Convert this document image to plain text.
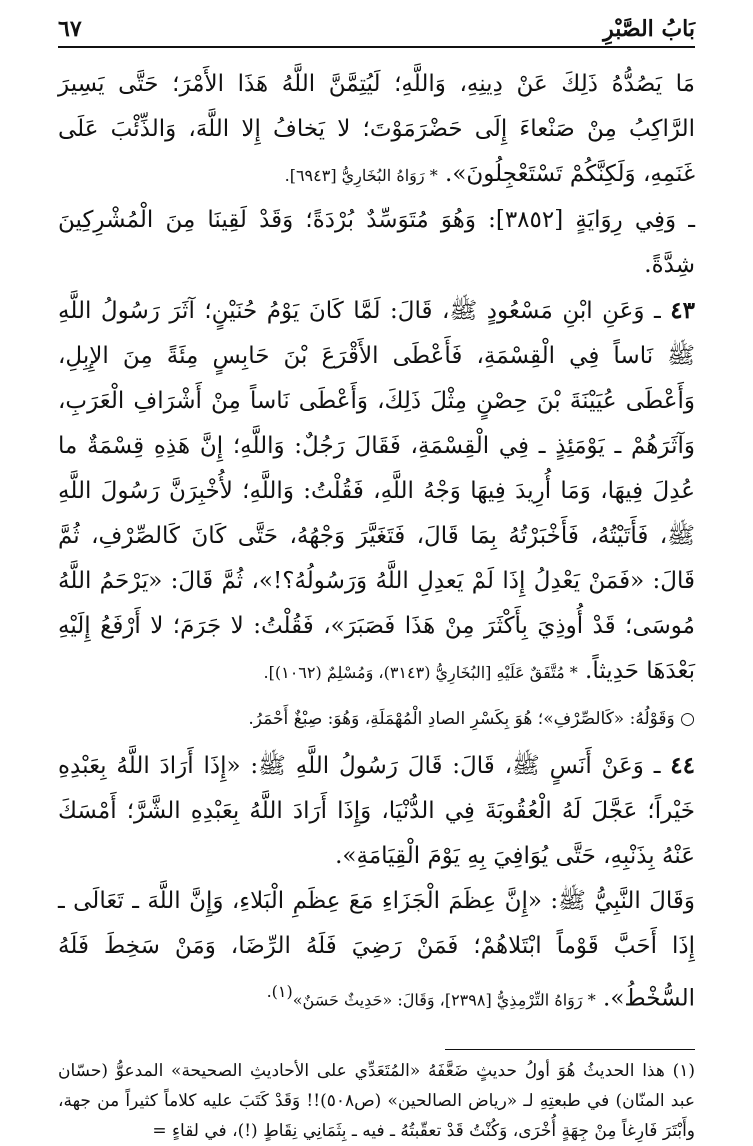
بَابُ الصَّبْرِ
٦٧

مَا يَصُدُّهُ ذَلِكَ عَنْ دِينِهِ، وَاللَّهِ؛ لَيُتِمَّنَّ اللَّهُ هَذَا الأَمْرَ؛ حَتَّى يَسِيرَ الرَّاكِبُ مِنْ صَنْعاءَ إِلَى حَضْرَمَوْتَ؛ لا يَخافُ إِلا اللَّهَ، وَالذِّئْبَ عَلَى غَنَمِهِ، وَلَكِنَّكُمْ تَسْتَعْجِلُونَ». * رَوَاهُ البُخَارِيُّ [٦٩٤٣].

ـ وَفِي رِوَايَةٍ [٣٨٥٢]: وَهُوَ مُتَوَسِّدٌ بُرْدَةً؛ وَقَدْ لَقِينَا مِنَ الْمُشْرِكِينَ شِدَّةً.

٤٣ ـ وَعَنِ ابْنِ مَسْعُودٍ ﷺ، قَالَ: لَمَّا كَانَ يَوْمُ حُنَيْنٍ؛ آثَرَ رَسُولُ اللَّهِ ﷺ نَاساً فِي الْقِسْمَةِ، فَأَعْطَى الأَقْرَعَ بْنَ حَابِسٍ مِئَةً مِنَ الإِبِلِ، وَأَعْطَى عُيَيْنَةَ بْنَ حِصْنٍ مِثْلَ ذَلِكَ، وَأَعْطَى نَاساً مِنْ أَشْرَافِ الْعَرَبِ، وَآثَرَهُمْ ـ يَوْمَئِذٍ ـ فِي الْقِسْمَةِ، فَقَالَ رَجُلٌ: وَاللَّهِ؛ إِنَّ هَذِهِ قِسْمَةٌ ما عُدِلَ فِيهَا، وَمَا أُرِيدَ فِيهَا وَجْهُ اللَّهِ، فَقُلْتُ: وَاللَّهِ؛ لأُخْبِرَنَّ رَسُولَ اللَّهِ ﷺ، فَأَتَيْتُهُ، فَأَخْبَرْتُهُ بِمَا قَالَ، فَتَغَيَّرَ وَجْهُهُ، حَتَّى كَانَ كَالصِّرْفِ، ثُمَّ قَالَ: «فَمَنْ يَعْدِلُ إِذَا لَمْ يَعدِلِ اللَّهُ وَرَسُولُهُ؟!»، ثُمَّ قَالَ: «يَرْحَمُ اللَّهُ مُوسَى؛ قَدْ أُوذِيَ بِأَكْثَرَ مِنْ هَذَا فَصَبَرَ»، فَقُلْتُ: لا جَرَمَ؛ لا أَرْفَعُ إِلَيْهِ بَعْدَهَا حَدِيثاً. * مُتَّفَقٌ عَلَيْهِ [البُخَارِيُّ (٣١٤٣)، وَمُسْلِمٌ (١٠٦٢)].

○ وَقَوْلُهُ: «كَالصِّرْفِ»؛ هُوَ بِكَسْرِ الصادِ الْمُهْمَلَةِ، وَهُوَ: صِبْغٌ أَحْمَرُ.

٤٤ ـ وَعَنْ أَنَسٍ ﷺ، قَالَ: قَالَ رَسُولُ اللَّهِ ﷺ: «إِذَا أَرَادَ اللَّهُ بِعَبْدِهِ خَيْراً؛ عَجَّلَ لَهُ الْعُقُوبَةَ فِي الدُّنْيَا، وَإِذَا أَرَادَ اللَّهُ بِعَبْدِهِ الشَّرَّ؛ أَمْسَكَ عَنْهُ بِذَنْبِهِ، حَتَّى يُوَافِيَ بِهِ يَوْمَ الْقِيَامَةِ».

وَقَالَ النَّبِيُّ ﷺ: «إِنَّ عِظَمَ الْجَزَاءِ مَعَ عِظَمِ الْبَلاءِ، وَإِنَّ اللَّهَ ـ تَعَالَى ـ إِذَا أَحَبَّ قَوْماً ابْتَلاهُمْ؛ فَمَنْ رَضِيَ فَلَهُ الرِّضَا، وَمَنْ سَخِطَ فَلَهُ السُّخْطُ». * رَوَاهُ التِّرْمِذِيُّ [٢٣٩٨]، وَقَالَ: «حَدِيثٌ حَسَنٌ»$^{(١).}$

(١) هذا الحديثُ هُوَ أولُ حديثٍ ضَعَّفَهُ «المُتَعَدِّي على الأحاديثِ الصحيحة» المدعوُّ (حسّان عبد المنّان) في طبعتِهِ لـ «رياض الصالحين» (ص٥٠٨)!! وَقَدْ كَتَبَ عليه كلاماً كثيراً من جهة، وأَبْتَرَ فَارِغاً مِنْ جِهَةٍ أُخْرَى، وَكُنْتُ قَدْ تعقّبتُهُ ـ فيه ـ بِثَمَانِي نِقَاطٍ (!)، في لقاءٍ =
